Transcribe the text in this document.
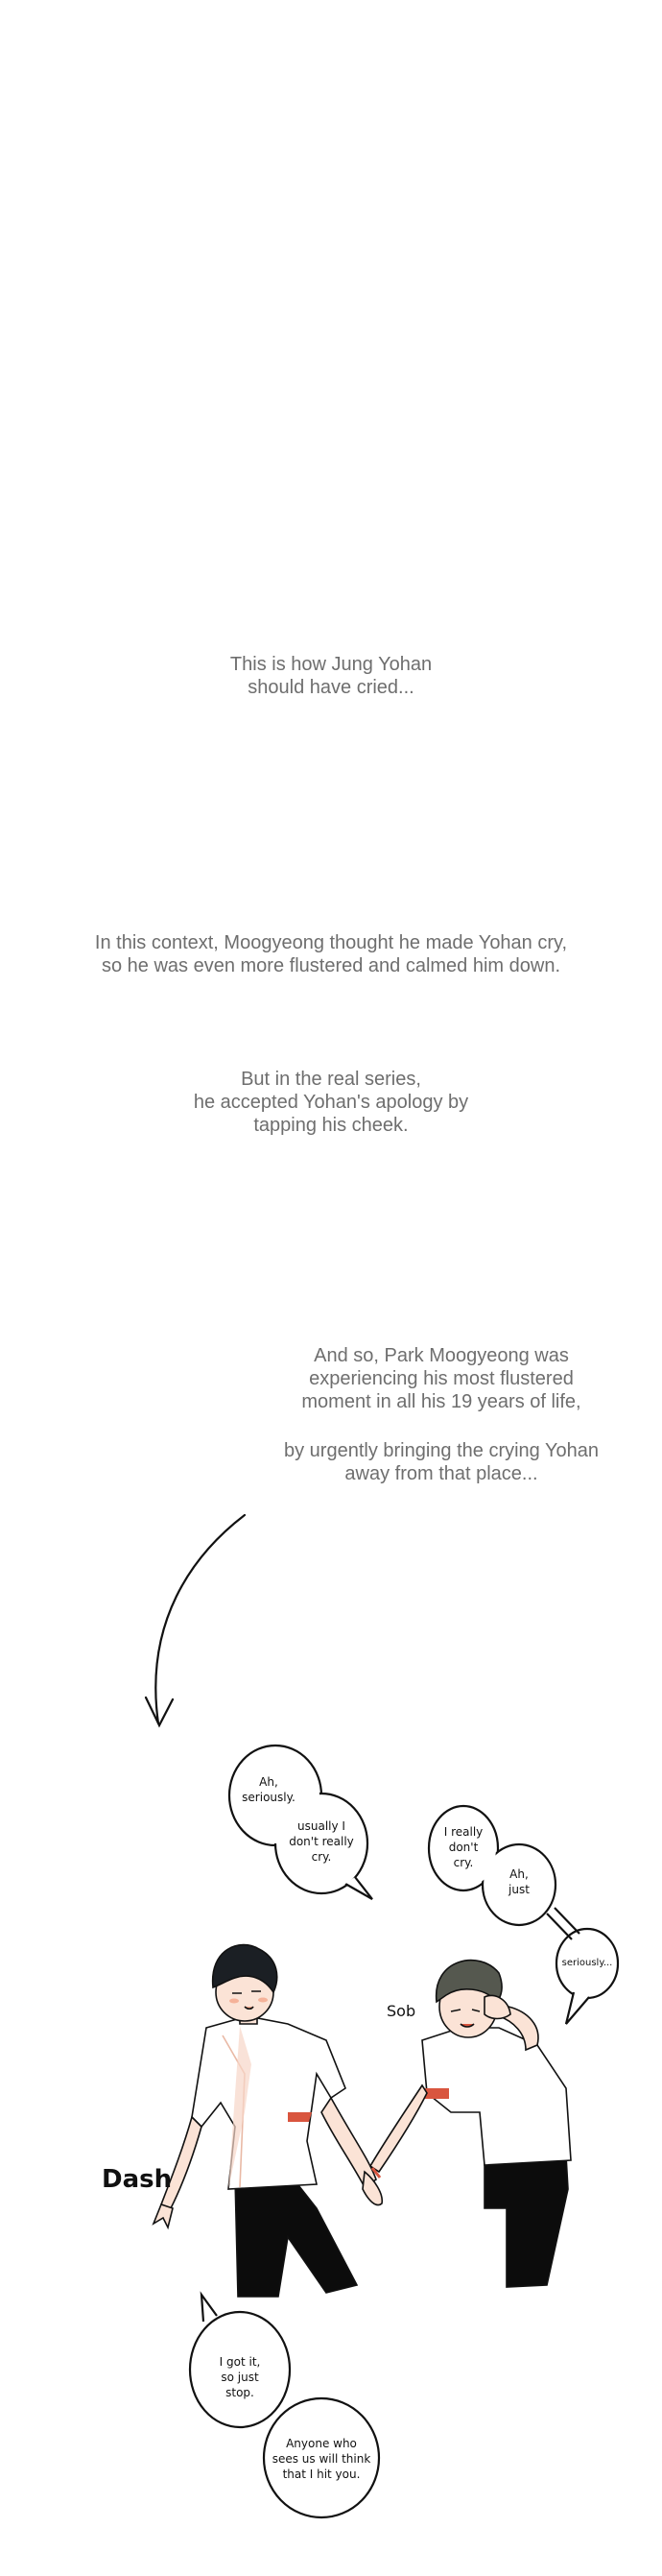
This is how Jung Yohan
should have cried...
In this context, Moogyeong thought he made Yohan cry,
so he was even more flustered and calmed him down.
But in the real series,
he accepted Yohan's apology by
tapping his cheek.
And so, Park Moogyeong was
experiencing his most flustered
moment in all his 19 years of life,
by urgently bringing the crying Yohan
away from that place...
Ah,
seriously.
usually I
don't really
cry.
I really
don't
cry.
Ah,
just
seriously...
I got it,
so just
stop.
Anyone who
sees us will think
that I hit you.
Sob
Dash
